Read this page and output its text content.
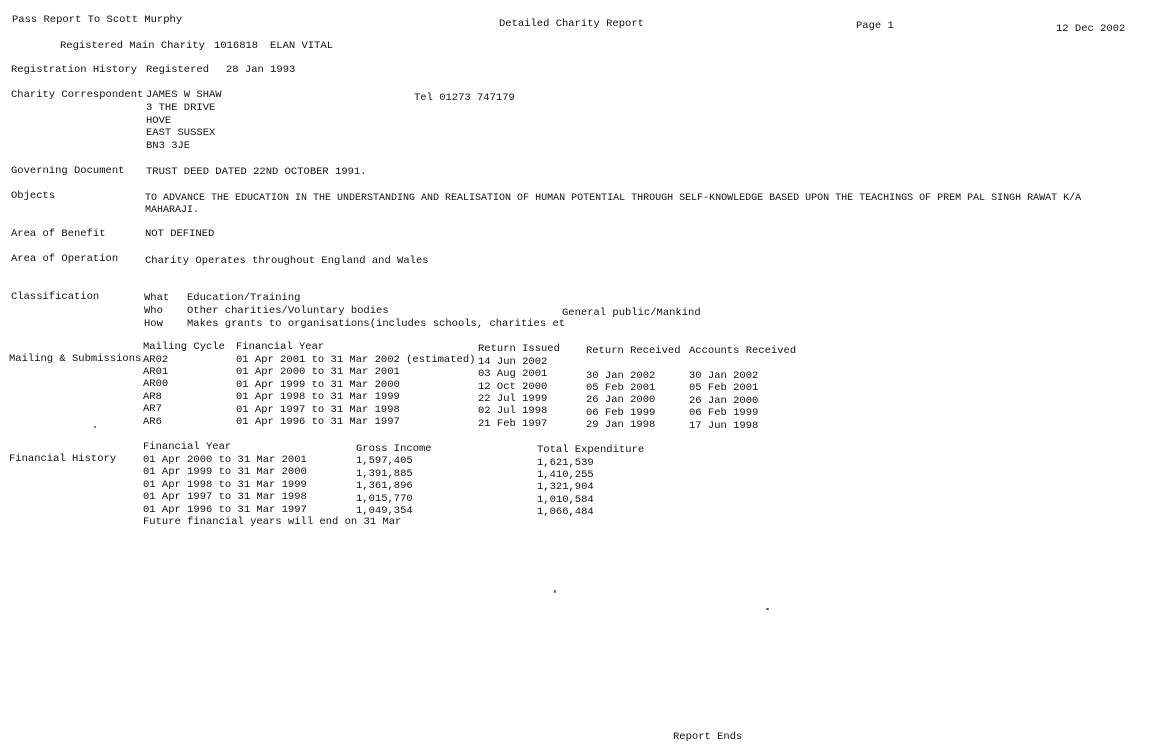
Pass Report To Scott Murphy	Detailed Charity Report	Page 1	12 Dec 2002
Registered Main Charity 1016818 ELAN VITAL
Registration History Registered 28 Jan 1993
Charity Correspondent JAMES W SHAW
3 THE DRIVE
HOVE
EAST SUSSEX
BN3 3JE
Tel 01273 747179
Governing Document TRUST DEED DATED 22ND OCTOBER 1991.
Objects	TO ADVANCE THE EDUCATION IN THE UNDERSTANDING AND REALISATION OF HUMAN POTENTIAL THROUGH SELF-KNOWLEDGE BASED UPON THE TEACHINGS OF PREM PAL SINGH RAWAT K/A
MAHARAJI.
Area of Benefit	NOT DEFINED
Area of Operation	Charity Operates throughout England and Wales
Classification	What Education/Training
Who Other charities/Voluntary bodies	General public/Mankind
How Makes grants to organisations(includes schools, charities et
Mailing & Submissions
Mailing Cycle Financial Year	Return Issued Return Received Accounts Received
AR02	01 Apr 2001 to 31 Mar 2002 (estimated) 14 Jun 2002
AR01	01 Apr 2000 to 31 Mar 2001	03 Aug 2001	30 Jan 2002	30 Jan 2002
AR00	01 Apr 1999 to 31 Mar 2000	12 Oct 2000	05 Feb 2001	05 Feb 2001
AR8	01 Apr 1998 to 31 Mar 1999	22 Jul 1999	26 Jan 2000	26 Jan 2000
AR7	01 Apr 1997 to 31 Mar 1998	02 Jul 1998	06 Feb 1999	06 Feb 1999
AR6	01 Apr 1996 to 31 Mar 1997	21 Feb 1997	29 Jan 1998	17 Jun 1998
Financial History
Financial Year	Gross Income	Total Expenditure
01 Apr 2000 to 31 Mar 2001	1,597,405	1,621,539
01 Apr 1999 to 31 Mar 2000	1,391,885	1,410,255
01 Apr 1998 to 31 Mar 1999	1,361,896	1,321,904
01 Apr 1997 to 31 Mar 1998	1,015,770	1,010,584
01 Apr 1996 to 31 Mar 1997	1,049,354	1,066,484
Future financial years will end on 31 Mar
Report Ends
